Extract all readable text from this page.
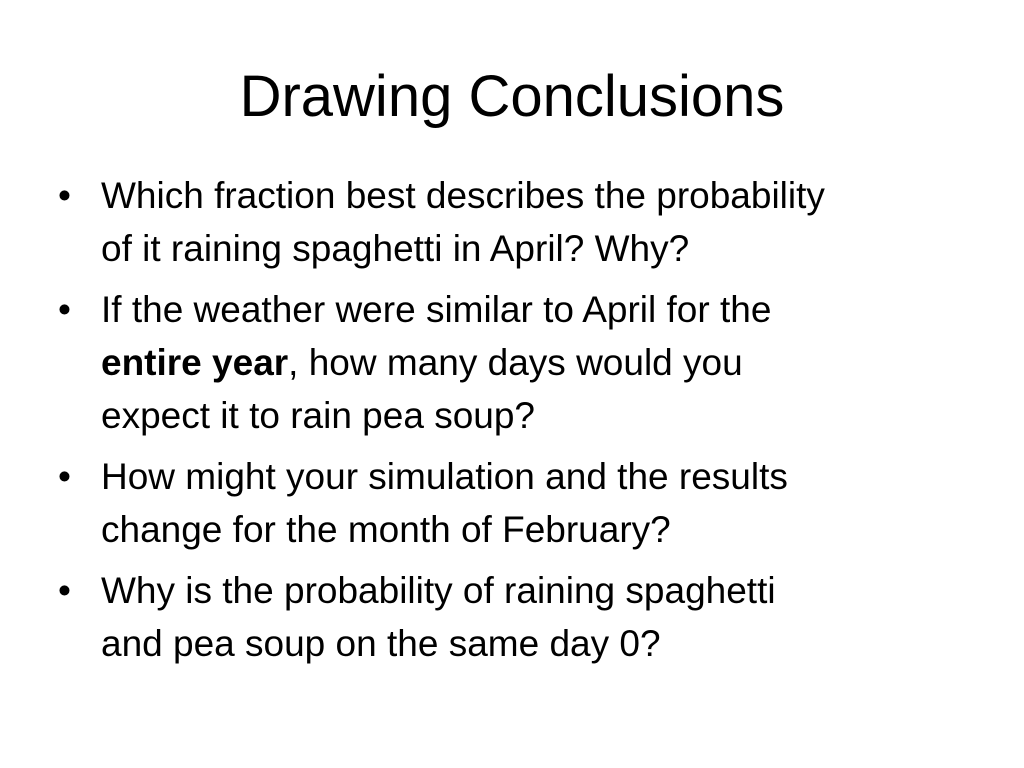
Drawing Conclusions
• Which fraction best describes the probability
of it raining spaghetti in April? Why?
• If the weather were similar to April for the
entire year, how many days would you
expect it to rain pea soup?
• How might your simulation and the results
change for the month of February?
• Why is the probability of raining spaghetti
and pea soup on the same day 0?
